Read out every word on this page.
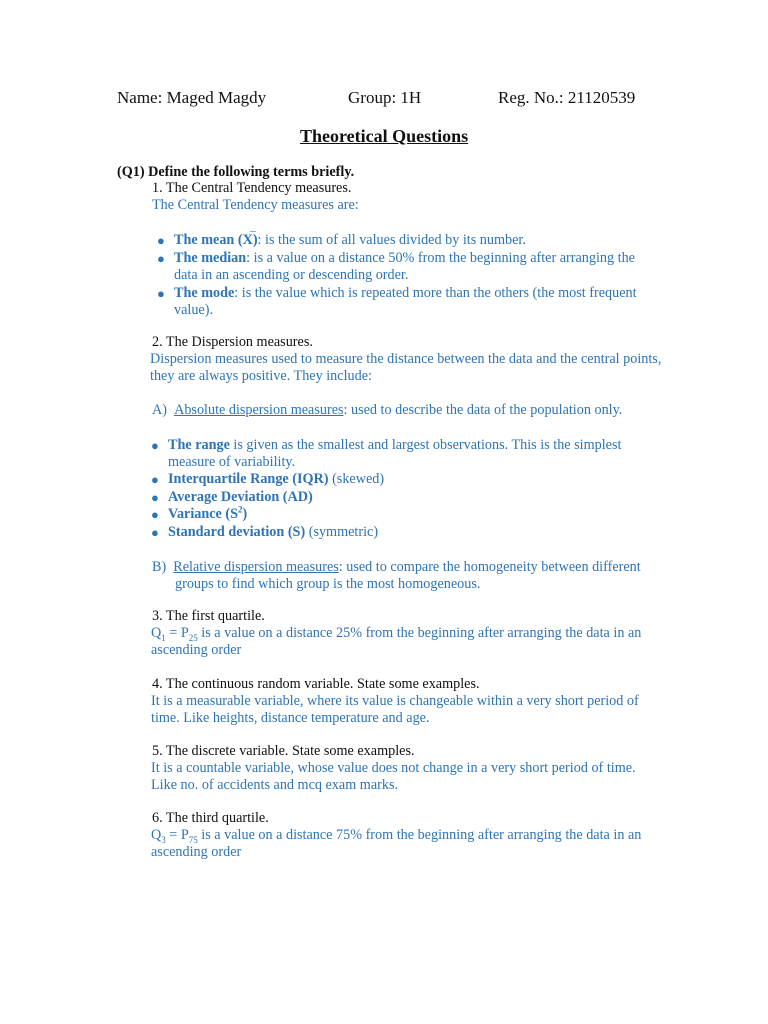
Name: Maged Magdy	Group: 1H	Reg. No.: 21120539
Theoretical Questions
(Q1) Define the following terms briefly.
1. The Central Tendency measures.
The Central Tendency measures are:
● The mean (X): is the sum of all values divided by its number.
_
● The median: is a value on a distance 50% from the beginning after arranging the
data in an ascending or descending order.
● The mode: is the value which is repeated more than the others (the most frequent
value).
2. The Dispersion measures.
Dispersion measures used to measure the distance between the data and the central points,
they are always positive. They include:
A) Absolute dispersion measures: used to describe the data of the population only.
● The range is given as the smallest and largest observations. This is the simplest
measure of variability.
● Interquartile Range (IQR) (skewed)
● Average Deviation (AD)
● Variance $(S^2)$
● Standard deviation (S) (symmetric)
B) Relative dispersion measures: used to compare the homogeneity between different
groups to find which group is the most homogeneous.
3. The first quartile.
$Q_1 = P_{25}$ is a value on a distance 25% from the beginning after arranging the data in an
ascending order
4. The continuous random variable. State some examples.
It is a measurable variable, where its value is changeable within a very short period of
time. Like heights, distance temperature and age.
5. The discrete variable. State some examples.
It is a countable variable, whose value does not change in a very short period of time.
Like no. of accidents and mcq exam marks.
6. The third quartile.
$Q_3 = P_{75}$ is a value on a distance 75% from the beginning after arranging the data in an
ascending order
